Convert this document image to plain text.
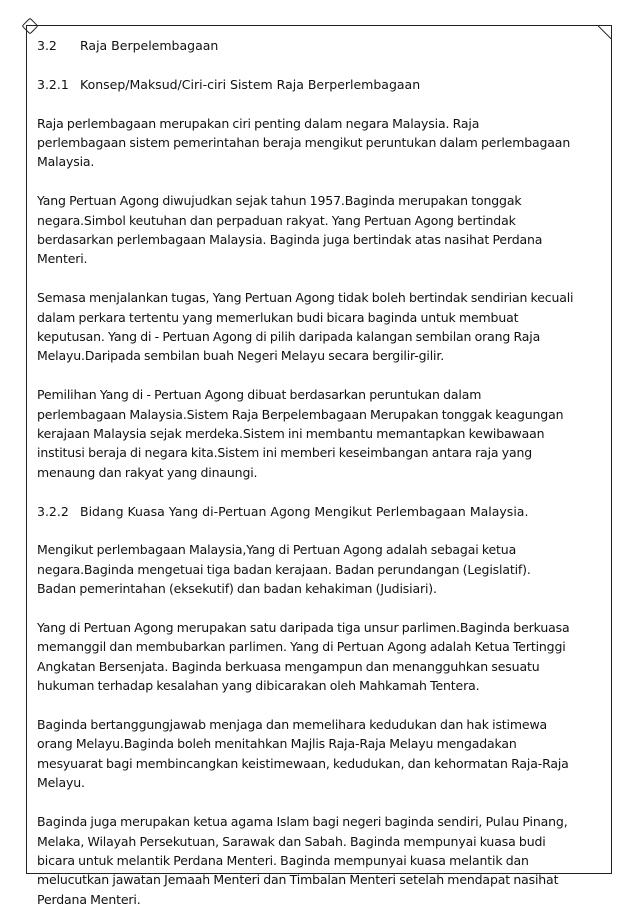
3.2	Raja Berpelembagaan
3.2.1 Konsep/Maksud/Ciri-ciri Sistem Raja Berperlembagaan

Raja perlembagaan merupakan ciri penting dalam negara Malaysia. Raja
perlembagaan sistem pemerintahan beraja mengikut peruntukan dalam perlembagaan
Malaysia.

Yang Pertuan Agong diwujudkan sejak tahun 1957.Baginda merupakan tonggak
negara.Simbol keutuhan dan perpaduan rakyat. Yang Pertuan Agong bertindak
berdasarkan perlembagaan Malaysia. Baginda juga bertindak atas nasihat Perdana
Menteri.

Semasa menjalankan tugas, Yang Pertuan Agong tidak boleh bertindak sendirian kecuali
dalam perkara tertentu yang memerlukan budi bicara baginda untuk membuat
keputusan. Yang di - Pertuan Agong di pilih daripada kalangan sembilan orang Raja
Melayu.Daripada sembilan buah Negeri Melayu secara bergilir-gilir.

Pemilihan Yang di - Pertuan Agong dibuat berdasarkan peruntukan dalam
perlembagaan Malaysia.Sistem Raja Berpelembagaan Merupakan tonggak keagungan
kerajaan Malaysia sejak merdeka.Sistem ini membantu memantapkan kewibawaan
institusi beraja di negara kita.Sistem ini memberi keseimbangan antara raja yang
menaung dan rakyat yang dinaungi.

3.2.2 Bidang Kuasa Yang di-Pertuan Agong Mengikut Perlembagaan Malaysia.

Mengikut perlembagaan Malaysia,Yang di Pertuan Agong adalah sebagai ketua
negara.Baginda mengetuai tiga badan kerajaan. Badan perundangan (Legislatif).
Badan pemerintahan (eksekutif) dan badan kehakiman (Judisiari).

Yang di Pertuan Agong merupakan satu daripada tiga unsur parlimen.Baginda berkuasa
memanggil dan membubarkan parlimen. Yang di Pertuan Agong adalah Ketua Tertinggi
Angkatan Bersenjata. Baginda berkuasa mengampun dan menangguhkan sesuatu
hukuman terhadap kesalahan yang dibicarakan oleh Mahkamah Tentera.

Baginda bertanggungjawab menjaga dan memelihara kedudukan dan hak istimewa
orang Melayu.Baginda boleh menitahkan Majlis Raja-Raja Melayu mengadakan
mesyuarat bagi membincangkan keistimewaan, kedudukan, dan kehormatan Raja-Raja
Melayu.

Baginda juga merupakan ketua agama Islam bagi negeri baginda sendiri, Pulau Pinang,
Melaka, Wilayah Persekutuan, Sarawak dan Sabah. Baginda mempunyai kuasa budi
bicara untuk melantik Perdana Menteri. Baginda mempunyai kuasa melantik dan
melucutkan jawatan Jemaah Menteri dan Timbalan Menteri setelah mendapat nasihat
Perdana Menteri.
